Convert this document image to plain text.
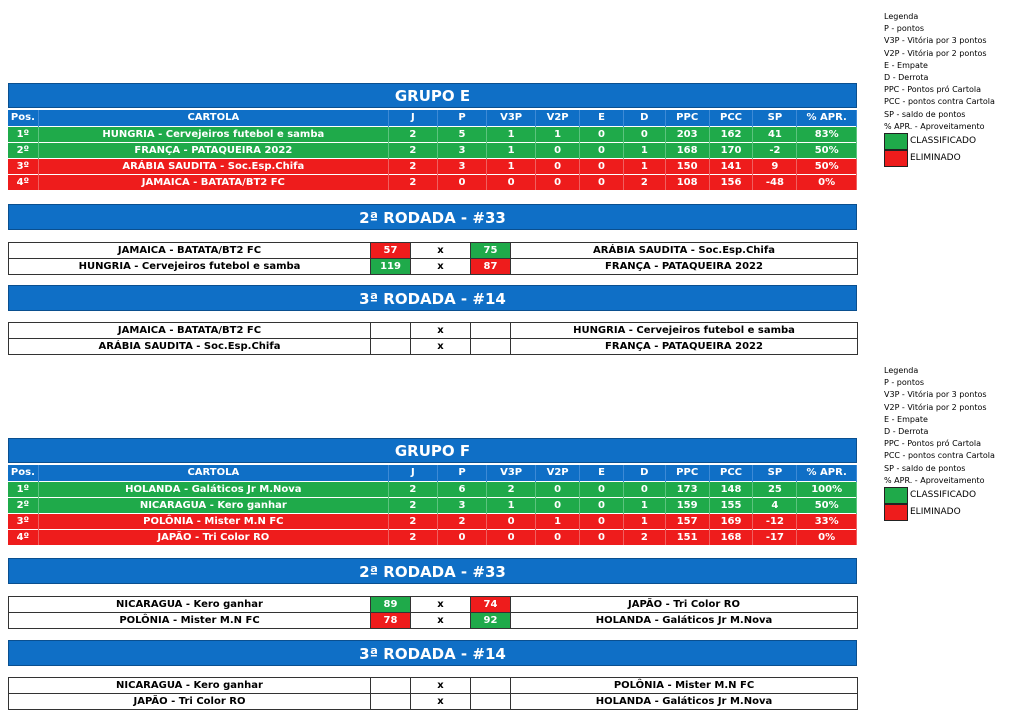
GRUPO E
Pos.	CARTOLA	J	P	V3P	V2P	E	D	PPC	PCC	SP	% APR.
1º	HUNGRIA - Cervejeiros futebol e samba	2	5	1	1	0	0	203	162	41	83%
2º	FRANÇA - PATAQUEIRA 2022	2	3	1	0	0	1	168	170	-2	50%
3º	ARÁBIA SAUDITA - Soc.Esp.Chifa	2	3	1	0	0	1	150	141	9	50%
4º	JAMAICA - BATATA/BT2 FC	2	0	0	0	0	2	108	156	-48	0%
2ª RODADA - #33
JAMAICA - BATATA/BT2 FC	57	x	75	ARÁBIA SAUDITA - Soc.Esp.Chifa
HUNGRIA - Cervejeiros futebol e samba	119	x	87	FRANÇA - PATAQUEIRA 2022
3ª RODADA - #14
JAMAICA - BATATA/BT2 FC		x		HUNGRIA - Cervejeiros futebol e samba
ARÁBIA SAUDITA - Soc.Esp.Chifa		x		FRANÇA - PATAQUEIRA 2022
GRUPO F
Pos.	CARTOLA	J	P	V3P	V2P	E	D	PPC	PCC	SP	% APR.
1º	HOLANDA - Galáticos Jr M.Nova	2	6	2	0	0	0	173	148	25	100%
2º	NICARAGUA - Kero ganhar	2	3	1	0	0	1	159	155	4	50%
3º	POLÔNIA - Mister M.N FC	2	2	0	1	0	1	157	169	-12	33%
4º	JAPÃO - Tri Color RO	2	0	0	0	0	2	151	168	-17	0%
2ª RODADA - #33
NICARAGUA - Kero ganhar	89	x	74	JAPÃO - Tri Color RO
POLÔNIA - Mister M.N FC	78	x	92	HOLANDA - Galáticos Jr M.Nova
3ª RODADA - #14
NICARAGUA - Kero ganhar		x		POLÔNIA - Mister M.N FC
JAPÃO - Tri Color RO		x		HOLANDA - Galáticos Jr M.Nova
Legenda
P - pontos
V3P - Vitória por 3 pontos
V2P - Vitória por 2 pontos
E - Empate
D - Derrota
PPC - Pontos pró Cartola
PCC - pontos contra Cartola
SP - saldo de pontos
% APR. - Aproveitamento
CLASSIFICADO
ELIMINADO
Legenda
P - pontos
V3P - Vitória por 3 pontos
V2P - Vitória por 2 pontos
E - Empate
D - Derrota
PPC - Pontos pró Cartola
PCC - pontos contra Cartola
SP - saldo de pontos
% APR. - Aproveitamento
CLASSIFICADO
ELIMINADO
